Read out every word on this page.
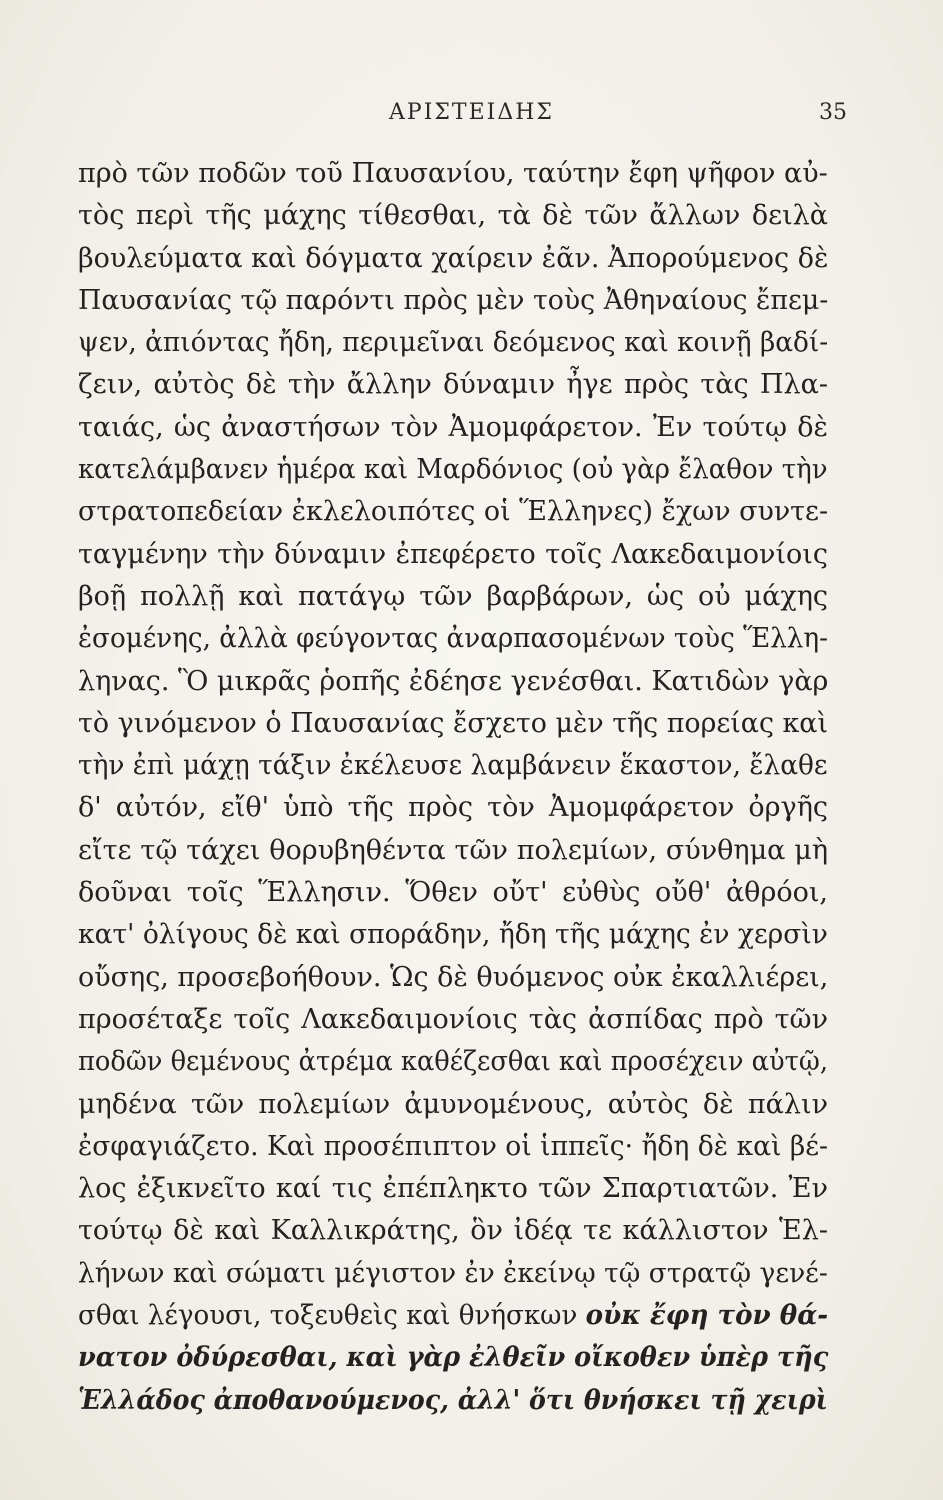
ΑΡΙΣΤΕΙΔΗΣ	35
πρὸ τῶν ποδῶν τοῦ Παυσανίου, ταύτην ἔφη ψῆφον αὐ-
τὸς περὶ τῆς μάχης τίθεσθαι, τὰ δὲ τῶν ἄλλων δειλὰ
βουλεύματα καὶ δόγματα χαίρειν ἐᾶν. Ἀπορούμενος δὲ
Παυσανίας τῷ παρόντι πρὸς μὲν τοὺς Ἀθηναίους ἔπεμ-
ψεν, ἀπιόντας ἤδη, περιμεῖναι δεόμενος καὶ κοινῇ βαδί-
ζειν, αὐτὸς δὲ τὴν ἄλλην δύναμιν ἦγε πρὸς τὰς Πλα-
ταιάς, ὡς ἀναστήσων τὸν Ἀμομφάρετον. Ἐν τούτῳ δὲ
κατελάμβανεν ἡμέρα καὶ Μαρδόνιος (οὐ γὰρ ἔλαθον τὴν
στρατοπεδείαν ἐκλελοιπότες οἱ Ἕλληνες) ἔχων συντε-
ταγμένην τὴν δύναμιν ἐπεφέρετο τοῖς Λακεδαιμονίοις
βοῇ πολλῇ καὶ πατάγῳ τῶν βαρβάρων, ὡς οὐ μάχης
ἐσομένης, ἀλλὰ φεύγοντας ἀναρπασομένων τοὺς Ἕλλη-
ληνας. Ὃ μικρᾶς ῥοπῆς ἐδέησε γενέσθαι. Κατιδὼν γὰρ
τὸ γινόμενον ὁ Παυσανίας ἔσχετο μὲν τῆς πορείας καὶ
τὴν ἐπὶ μάχῃ τάξιν ἐκέλευσε λαμβάνειν ἕκαστον, ἔλαθε
δ' αὐτόν, εἴθ' ὑπὸ τῆς πρὸς τὸν Ἀμομφάρετον ὀργῆς
εἴτε τῷ τάχει θορυβηθέντα τῶν πολεμίων, σύνθημα μὴ
δοῦναι τοῖς Ἕλλησιν. Ὅθεν οὔτ' εὐθὺς οὔθ' ἀθρόοι,
κατ' ὀλίγους δὲ καὶ σποράδην, ἤδη τῆς μάχης ἐν χερσὶν
οὔσης, προσεβοήθουν. Ὡς δὲ θυόμενος οὐκ ἐκαλλιέρει,
προσέταξε τοῖς Λακεδαιμονίοις τὰς ἀσπίδας πρὸ τῶν
ποδῶν θεμένους ἀτρέμα καθέζεσθαι καὶ προσέχειν αὐτῷ,
μηδένα τῶν πολεμίων ἀμυνομένους, αὐτὸς δὲ πάλιν
ἐσφαγιάζετο. Καὶ προσέπιπτον οἱ ἱππεῖς· ἤδη δὲ καὶ βέ-
λος ἐξικνεῖτο καί τις ἐπέπληκτο τῶν Σπαρτιατῶν. Ἐν
τούτῳ δὲ καὶ Καλλικράτης, ὃν ἰδέᾳ τε κάλλιστον Ἑλ-
λήνων καὶ σώματι μέγιστον ἐν ἐκείνῳ τῷ στρατῷ γενέ-
σθαι λέγουσι, τοξευθεὶς καὶ θνήσκων οὐκ ἔφη τὸν θά-
νατον ὀδύρεσθαι, καὶ γὰρ ἐλθεῖν οἴκοθεν ὑπὲρ τῆς
Ἑλλάδος ἀποθανούμενος, ἀλλ' ὅτι θνήσκει τῇ χειρὶ
